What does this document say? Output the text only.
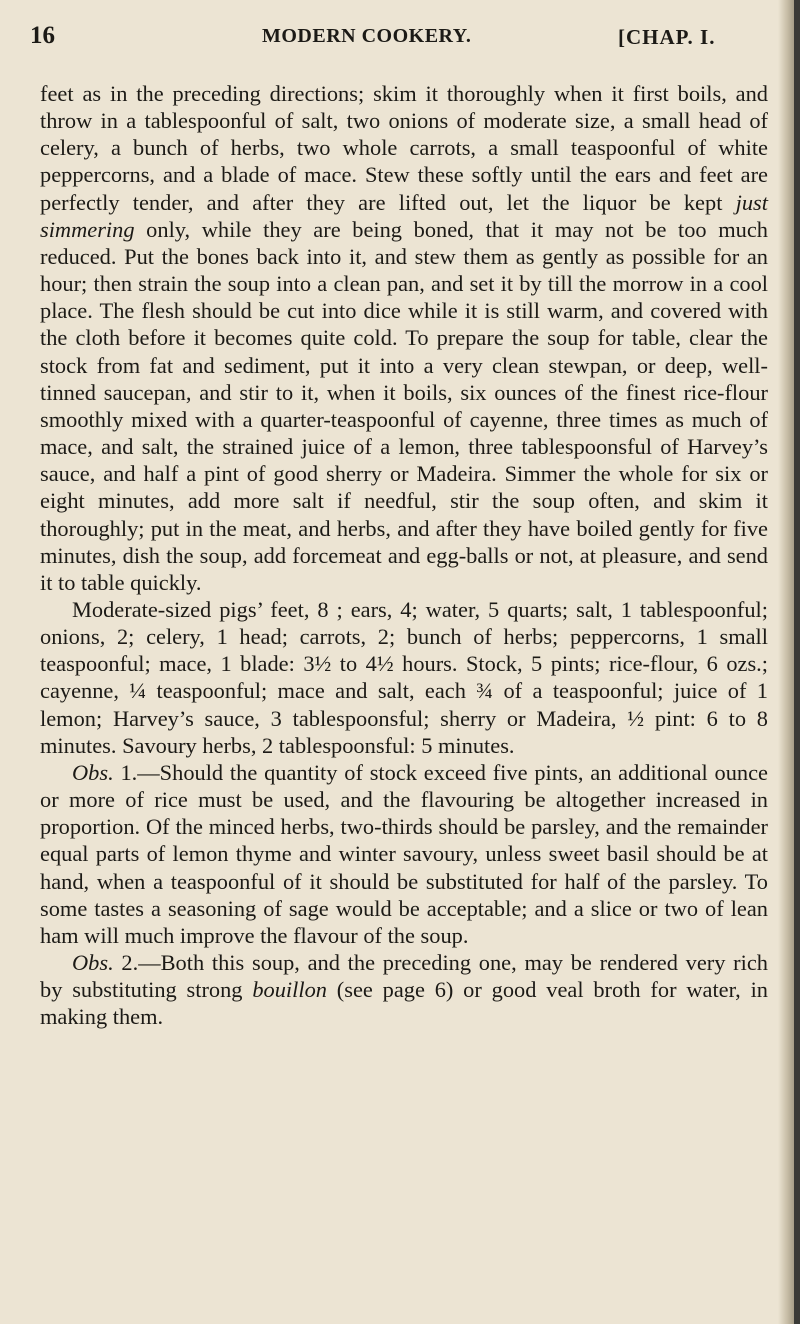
16	MODERN COOKERY.	[CHAP. I.

feet as in the preceding directions; skim it thoroughly when it first boils, and throw in a tablespoonful of salt, two onions of moderate size, a small head of celery, a bunch of herbs, two whole carrots, a small teaspoonful of white peppercorns, and a blade of mace. Stew these softly until the ears and feet are perfectly tender, and after they are lifted out, let the liquor be kept just simmering only, while they are being boned, that it may not be too much reduced. Put the bones back into it, and stew them as gently as possible for an hour; then strain the soup into a clean pan, and set it by till the morrow in a cool place. The flesh should be cut into dice while it is still warm, and covered with the cloth before it becomes quite cold. To prepare the soup for table, clear the stock from fat and sediment, put it into a very clean stewpan, or deep, well-tinned saucepan, and stir to it, when it boils, six ounces of the finest rice-flour smoothly mixed with a quarter-teaspoonful of cayenne, three times as much of mace, and salt, the strained juice of a lemon, three tablespoonsful of Harvey’s sauce, and half a pint of good sherry or Madeira. Simmer the whole for six or eight minutes, add more salt if needful, stir the soup often, and skim it thoroughly; put in the meat, and herbs, and after they have boiled gently for five minutes, dish the soup, add forcemeat and egg-balls or not, at pleasure, and send it to table quickly.

Moderate-sized pigs’ feet, 8 ; ears, 4; water, 5 quarts; salt, 1 tablespoonful; onions, 2; celery, 1 head; carrots, 2; bunch of herbs; peppercorns, 1 small teaspoonful; mace, 1 blade: 3½ to 4½ hours. Stock, 5 pints; rice-flour, 6 ozs.; cayenne, ¼ teaspoonful; mace and salt, each ¾ of a teaspoonful; juice of 1 lemon; Harvey’s sauce, 3 tablespoonsful; sherry or Madeira, ½ pint: 6 to 8 minutes. Savoury herbs, 2 tablespoonsful: 5 minutes.

Obs. 1.—Should the quantity of stock exceed five pints, an additional ounce or more of rice must be used, and the flavouring be altogether increased in proportion. Of the minced herbs, two-thirds should be parsley, and the remainder equal parts of lemon thyme and winter savoury, unless sweet basil should be at hand, when a teaspoonful of it should be substituted for half of the parsley. To some tastes a seasoning of sage would be acceptable; and a slice or two of lean ham will much improve the flavour of the soup.

Obs. 2.—Both this soup, and the preceding one, may be rendered very rich by substituting strong bouillon (see page 6) or good veal broth for water, in making them.
